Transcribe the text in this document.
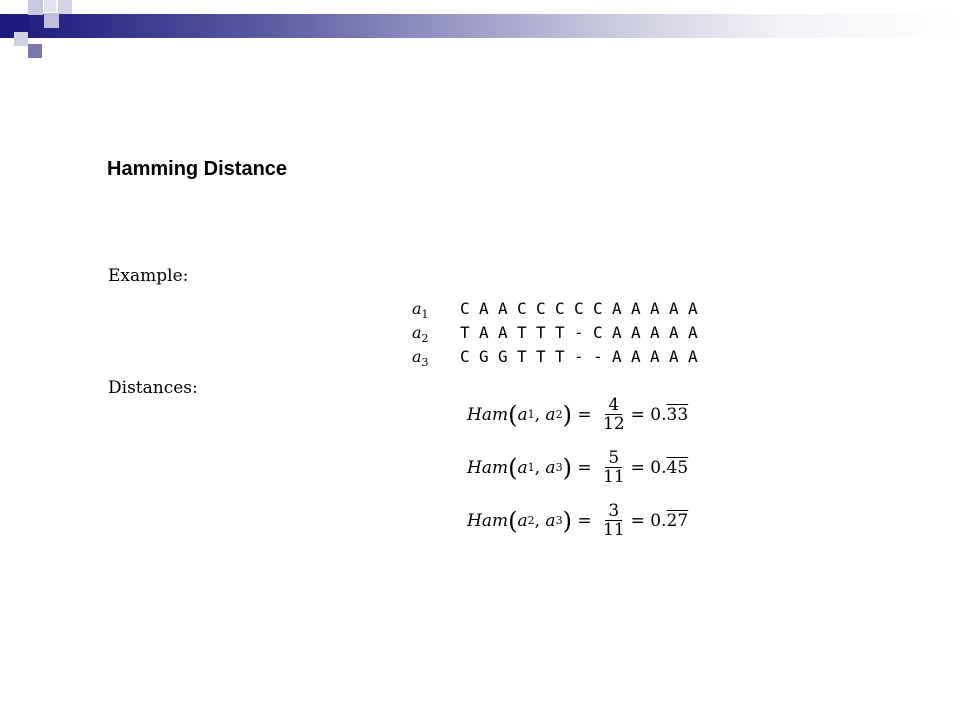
Hamming Distance
Example:
Distances:
$a_1$	C A A C C C C C A A A A A
$a_2$	T A A T T T - C A A A A A
$a_3$	C G G T T T - - A A A A A
Ham ( a 1 , a 2 ) = $\frac{4}{12} = 0$. 33
Ham ( a 1 , a 3 ) = $\frac{5}{11} = 0$. 45
Ham ( a 2 , a 3 ) = $\frac{3}{11} = 0$. 27
